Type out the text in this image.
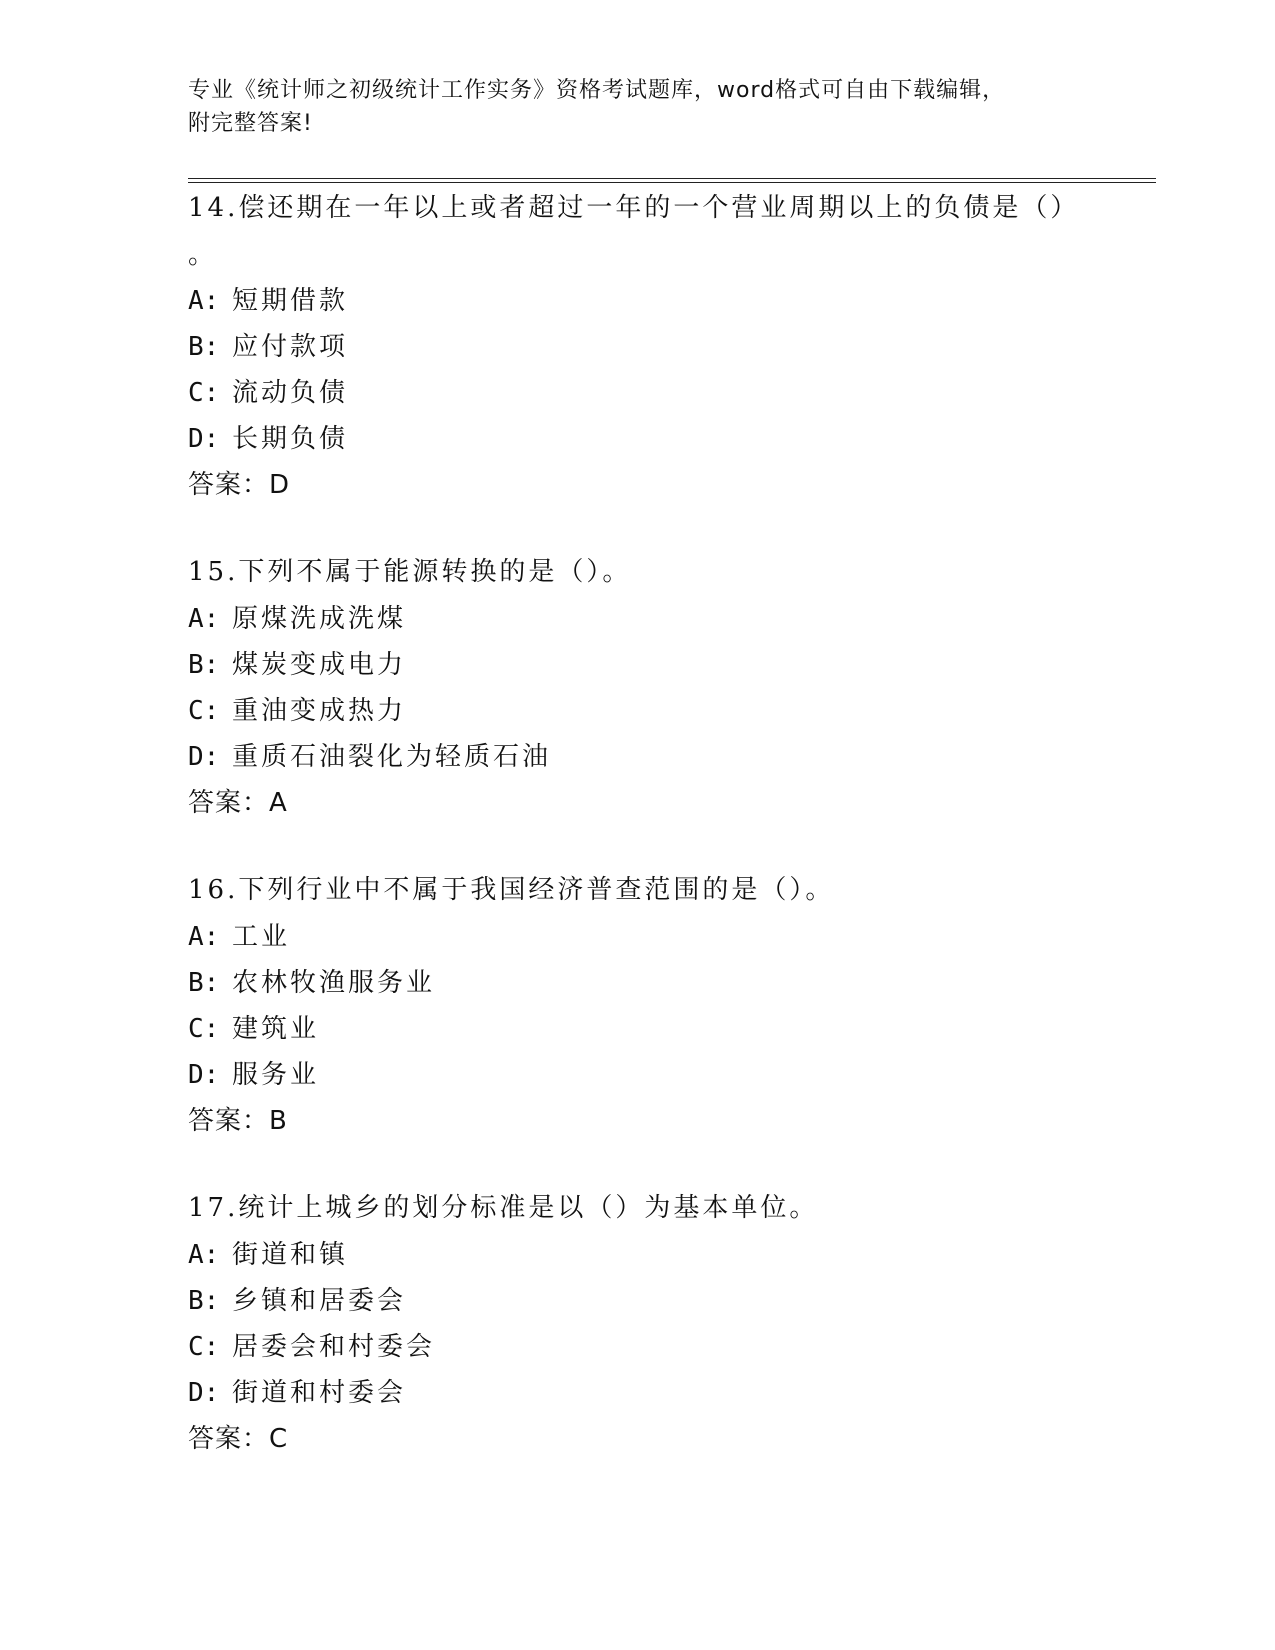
专业《统计师之初级统计工作实务》资格考试题库，word格式可自由下载编辑，
附完整答案!
14.偿还期在一年以上或者超过一年的一个营业周期以上的负债是（）
。
A: 短期借款
B: 应付款项
C: 流动负债
D: 长期负债
答案：D
15.下列不属于能源转换的是（）。
A: 原煤洗成洗煤
B: 煤炭变成电力
C: 重油变成热力
D: 重质石油裂化为轻质石油
答案：A
16.下列行业中不属于我国经济普查范围的是（）。
A: 工业
B: 农林牧渔服务业
C: 建筑业
D: 服务业
答案：B
17.统计上城乡的划分标准是以（）为基本单位。
A: 街道和镇
B: 乡镇和居委会
C: 居委会和村委会
D: 街道和村委会
答案：C
